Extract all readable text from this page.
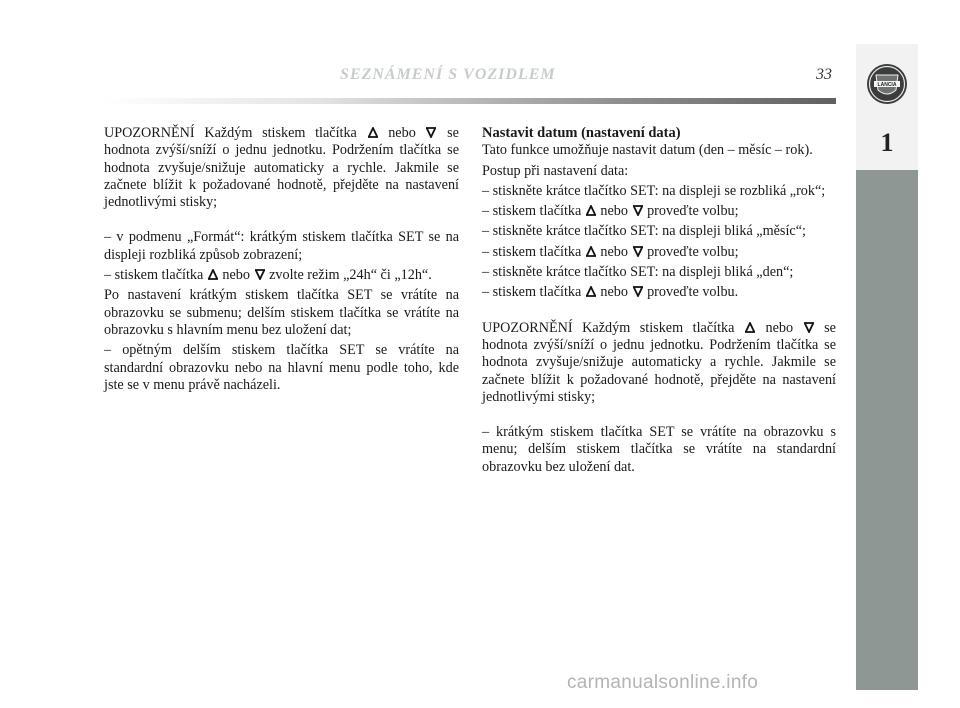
SEZNÁMENÍ S VOZIDLEM	33
LANCIA
1

UPOZORNĚNÍ Každým stiskem tlačítka  nebo  se hodnota zvýší/sníží o jednu jednotku. Podržením tlačítka se hodnota zvyšuje/snižuje automaticky a rychle. Jakmile se začnete blížit k požadované hodnotě, přejděte na nastavení jednotlivými stisky;

– v podmenu „Formát“: krátkým stiskem tlačítka SET se na displeji rozbliká způsob zobrazení;

– stiskem tlačítka  nebo  zvolte režim „24h“ či „12h“.

Po nastavení krátkým stiskem tlačítka SET se vrátíte na obrazovku se submenu; delším stiskem tlačítka se vrátíte na obrazovku s hlavním menu bez uložení dat;

– opětným delším stiskem tlačítka SET se vrátíte na standardní obrazovku nebo na hlavní menu podle toho, kde jste se v menu právě nacházeli.

Nastavit datum (nastavení data)

Tato funkce umožňuje nastavit datum (den – měsíc – rok).

Postup při nastavení data:

– stiskněte krátce tlačítko SET: na displeji se rozbliká „rok“;

– stiskem tlačítka  nebo  proveďte volbu;

– stiskněte krátce tlačítko SET: na displeji bliká „měsíc“;

– stiskem tlačítka  nebo  proveďte volbu;

– stiskněte krátce tlačítko SET: na displeji bliká „den“;

– stiskem tlačítka  nebo  proveďte volbu.

UPOZORNĚNÍ Každým stiskem tlačítka  nebo  se hodnota zvýší/sníží o jednu jednotku. Podržením tlačítka se hodnota zvyšuje/snižuje automaticky a rychle. Jakmile se začnete blížit k požadované hodnotě, přejděte na nastavení jednotlivými stisky;

– krátkým stiskem tlačítka SET se vrátíte na obrazovku s menu; delším stiskem tlačítka se vrátíte na standardní obrazovku bez uložení dat.

carmanualsonline.info
